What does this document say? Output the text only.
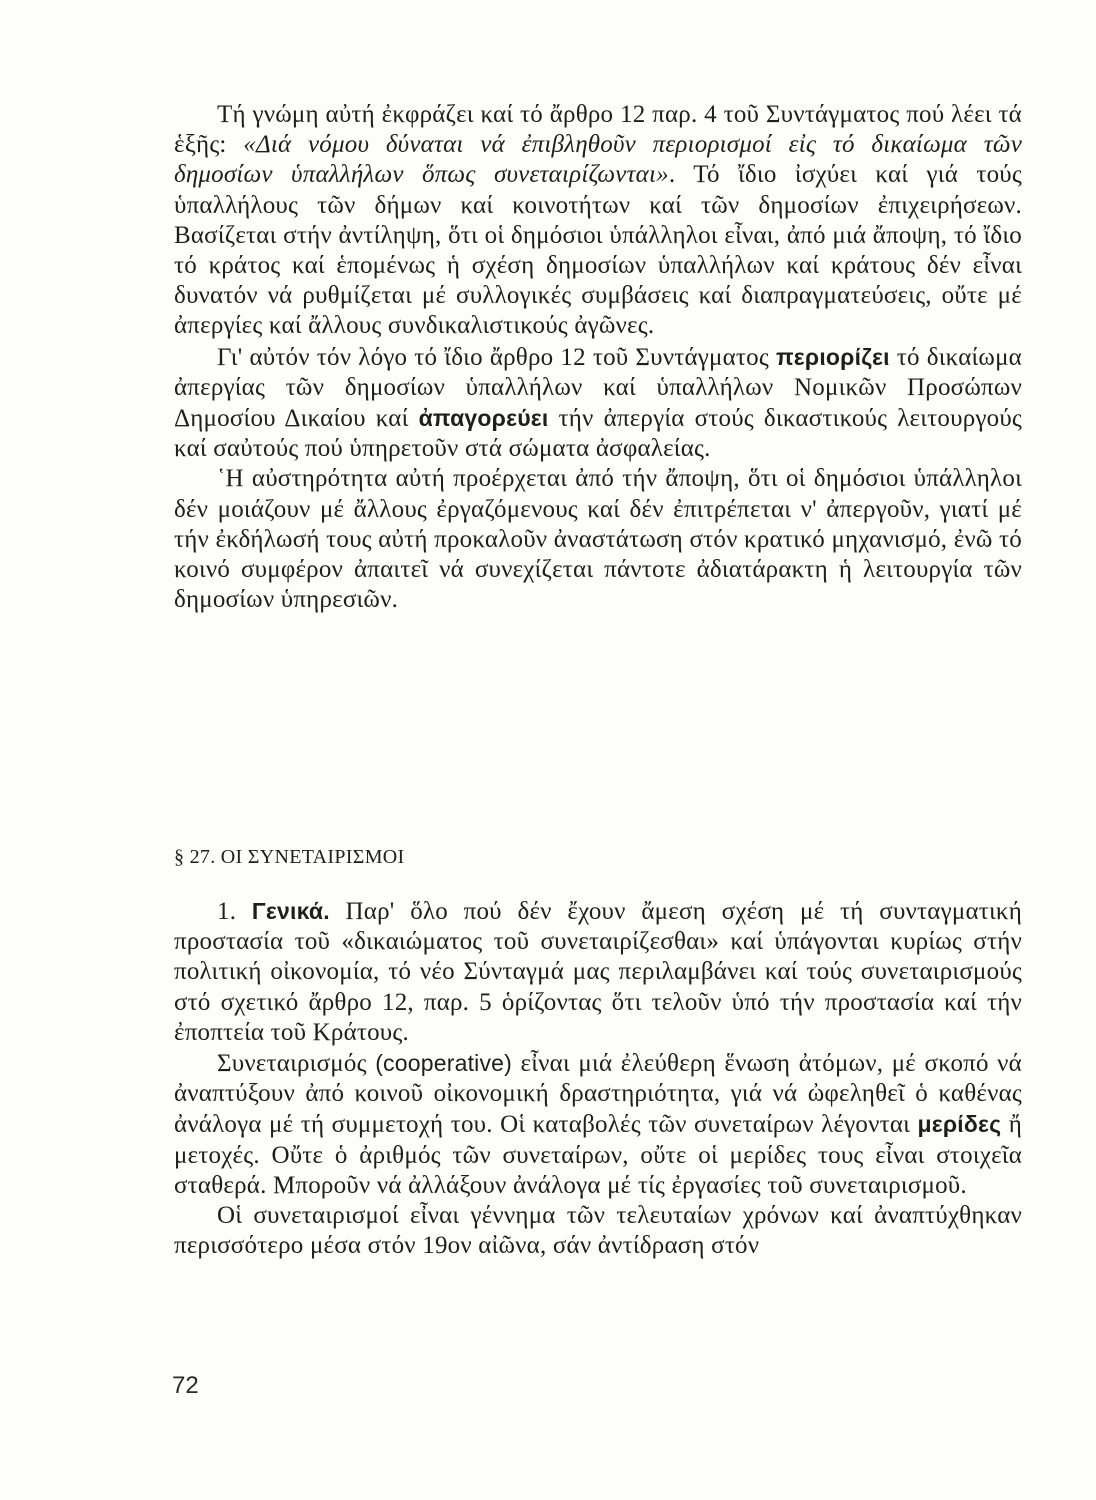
Τή γνώμη αὐτή ἐκφράζει καί τό ἄρθρο 12 παρ. 4 τοῦ Συντάγματος πού λέει τά ἑξῆς: «Διά νόμου δύναται νά ἐπιβληθοῦν περιορισμοί εἰς τό δικαίωμα τῶν δημοσίων ὑπαλλήλων ὅπως συνεταιρίζωνται». Τό ἴδιο ἰσχύει καί γιά τούς ὑπαλλήλους τῶν δήμων καί κοινοτήτων καί τῶν δημοσίων ἐπιχειρήσεων. Βασίζεται στήν ἀντίληψη, ὅτι οἱ δημόσιοι ὑπάλληλοι εἶναι, ἀπό μιά ἄποψη, τό ἴδιο τό κράτος καί ἑπομένως ἡ σχέση δημοσίων ὑπαλλήλων καί κράτους δέν εἶναι δυνατόν νά ρυθμίζεται μέ συλλογικές συμβάσεις καί διαπραγματεύσεις, οὔτε μέ ἀπεργίες καί ἄλλους συνδικαλιστικούς ἀγῶνες.

Γι' αὐτόν τόν λόγο τό ἴδιο ἄρθρο 12 τοῦ Συντάγματος περιορίζει τό δικαίωμα ἀπεργίας τῶν δημοσίων ὑπαλλήλων καί ὑπαλλήλων Νομικῶν Προσώπων Δημοσίου Δικαίου καί ἀπαγορεύει τήν ἀπεργία στούς δικαστικούς λειτουργούς καί σαὐτούς πού ὑπηρετοῦν στά σώματα ἀσφαλείας.

῾Η αὐστηρότητα αὐτή προέρχεται ἀπό τήν ἄποψη, ὅτι οἱ δημόσιοι ὑπάλληλοι δέν μοιάζουν μέ ἄλλους ἐργαζόμενους καί δέν ἐπιτρέπεται ν' ἀπεργοῦν, γιατί μέ τήν ἐκδήλωσή τους αὐτή προκαλοῦν ἀναστάτωση στόν κρατικό μηχανισμό, ἐνῶ τό κοινό συμφέρον ἀπαιτεῖ νά συνεχίζεται πάντοτε ἀδιατάρακτη ἡ λειτουργία τῶν δημοσίων ὑπηρεσιῶν.

§ 27. ΟΙ ΣΥΝΕΤΑΙΡΙΣΜΟΙ

1. Γενικά. Παρ' ὅλο πού δέν ἔχουν ἄμεση σχέση μέ τή συνταγματική προστασία τοῦ «δικαιώματος τοῦ συνεταιρίζεσθαι» καί ὑπάγονται κυρίως στήν πολιτική οἰκονομία, τό νέο Σύνταγμά μας περιλαμβάνει καί τούς συνεταιρισμούς στό σχετικό ἄρθρο 12, παρ. 5 ὁρίζοντας ὅτι τελοῦν ὑπό τήν προστασία καί τήν ἐποπτεία τοῦ Κράτους.

Συνεταιρισμός (cooperative) εἶναι μιά ἐλεύθερη ἕνωση ἀτόμων, μέ σκοπό νά ἀναπτύξουν ἀπό κοινοῦ οἰκονομική δραστηριότητα, γιά νά ὠφεληθεῖ ὁ καθένας ἀνάλογα μέ τή συμμετοχή του. Οἱ καταβολές τῶν συνεταίρων λέγονται μερίδες ἤ μετοχές. Οὔτε ὁ ἀριθμός τῶν συνεταίρων, οὔτε οἱ μερίδες τους εἶναι στοιχεῖα σταθερά. Μποροῦν νά ἀλλάξουν ἀνάλογα μέ τίς ἐργασίες τοῦ συνεταιρισμοῦ.

Οἱ συνεταιρισμοί εἶναι γέννημα τῶν τελευταίων χρόνων καί ἀναπτύχθηκαν περισσότερο μέσα στόν 19ον αἰῶνα, σάν ἀντίδραση στόν

72
